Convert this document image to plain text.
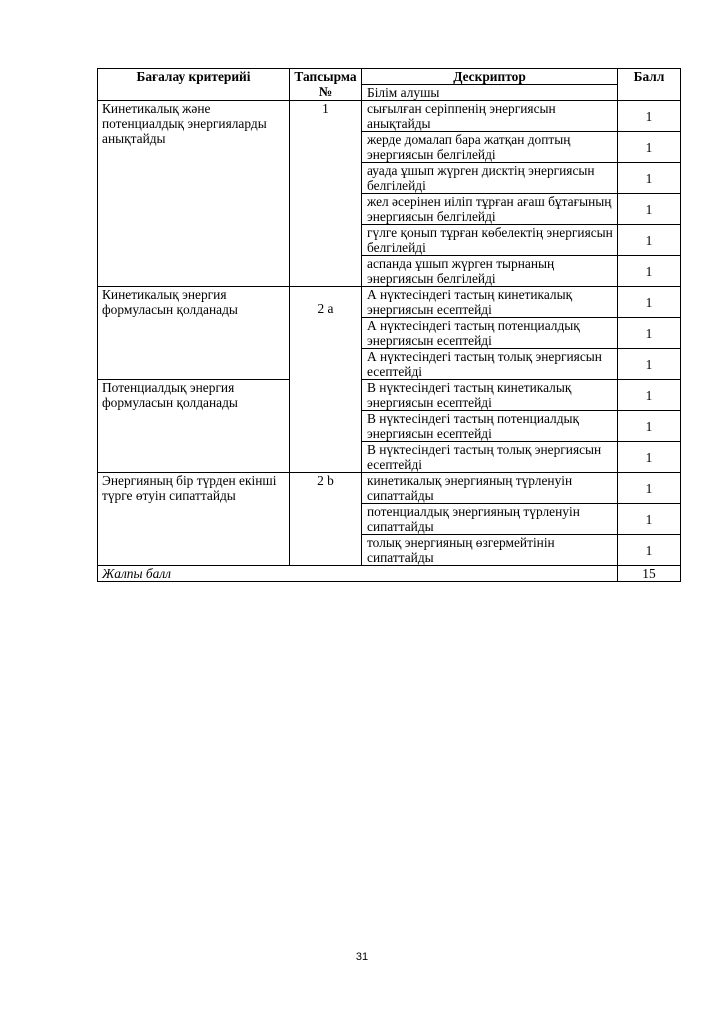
Бағалау критерийі	Тапсырма №	Дескриптор	Балл
		Білім алушы	
Кинетикалық және потенциалдық энергияларды анықтайды	1	сығылған серіппенің энергиясын анықтайды	1
		жерде домалап бара жатқан доптың энергиясын белгілейді	1
		ауада ұшып жүрген дисктің энергиясын белгілейді	1
		жел әсерінен иіліп тұрған ағаш бұтағының энергиясын белгілейді	1
		гүлге қонып тұрған көбелектің энергиясын белгілейді	1
		аспанда ұшып жүрген тырнаның энергиясын белгілейді	1
Кинетикалық энергия формуласын қолданады	2 a	А нүктесіндегі тастың кинетикалық энергиясын есептейді	1
		А нүктесіндегі тастың потенциалдық энергиясын есептейді	1
		А нүктесіндегі тастың толық энергиясын есептейді	1
Потенциалдық энергия формуласын қолданады		В нүктесіндегі тастың кинетикалық энергиясын есептейді	1
		В нүктесіндегі тастың потенциалдық энергиясын есептейді	1
		В нүктесіндегі тастың толық энергиясын есептейді	1
Энергияның бір түрден екінші түрге өтуін сипаттайды	2 b	кинетикалық энергияның түрленуін сипаттайды	1
		потенциалдық энергияның түрленуін сипаттайды	1
		толық энергияның өзгермейтінін сипаттайды	1
Жалпы балл			15
31
